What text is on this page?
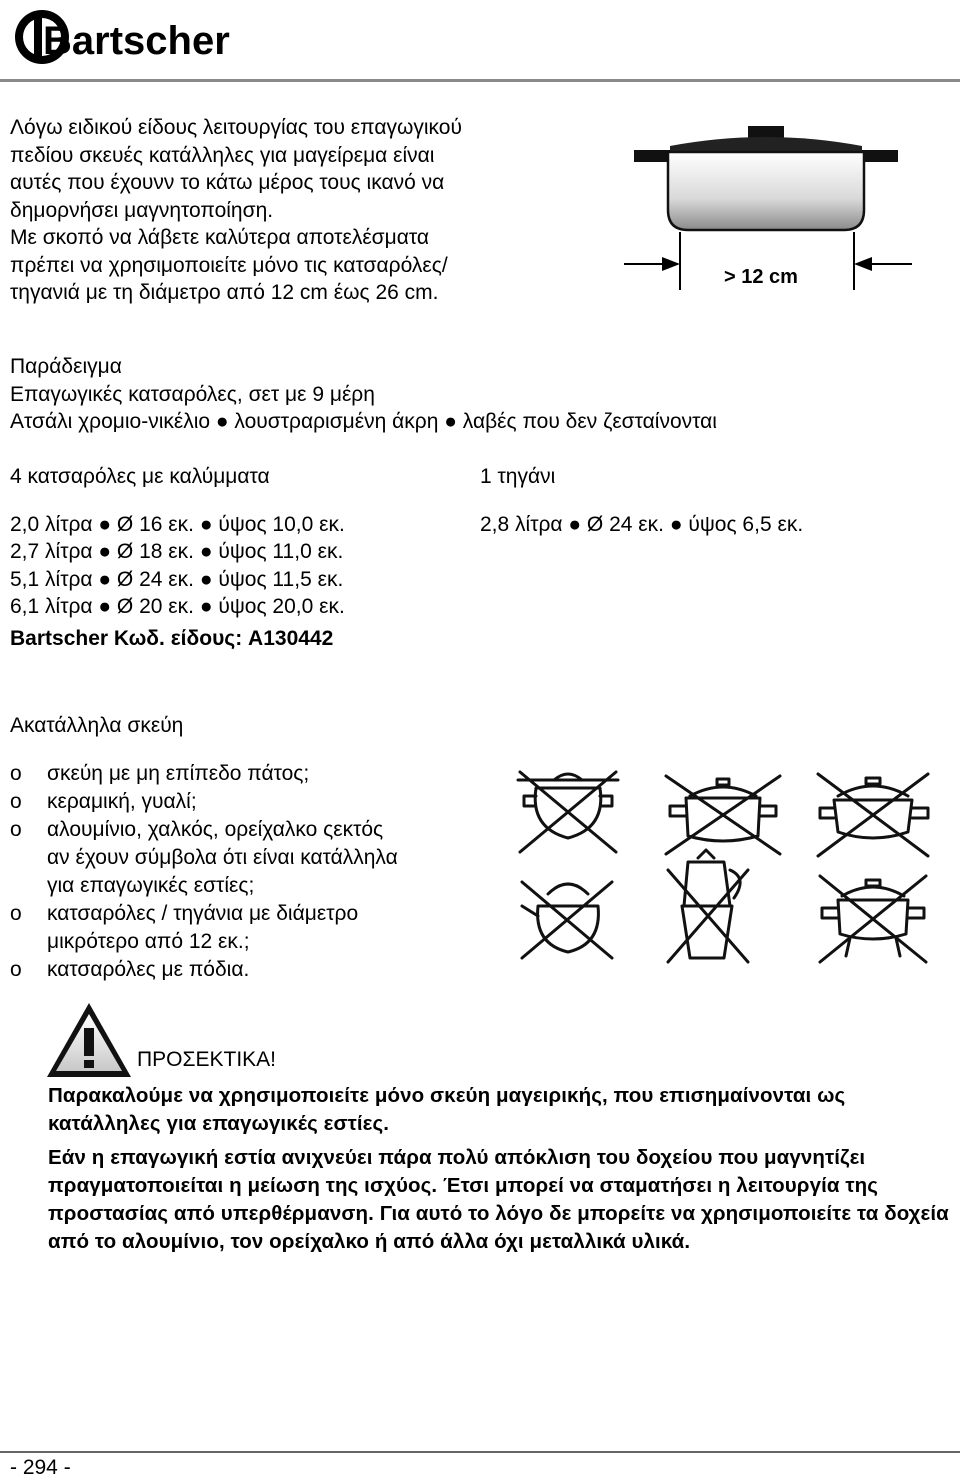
Bartscher

Λόγω ειδικού είδους λειτουργίας του επαγωγικού

πεδίου σκευές κατάλληλες για μαγείρεμα είναι

αυτές που έχουνν το κάτω μέρος τους ικανό να

δημορνήσει μαγνητοποίηση.

Με σκοπό να λάβετε καλύτερα αποτελέσματα

πρέπει να χρησιμοποιείτε μόνο τις κατσαρόλες/

τηγανιά με τη διάμετρο από 12 cm έως 26 cm.

> 12 cm

Παράδειγμα

Επαγωγικές κατσαρόλες, σετ με 9 μέρη

Ατσάλι χρομιο-νικέλιο ● λουστραρισμένη άκρη ● λαβές που δεν ζεσταίνονται

4 κατσαρόλες με καλύμματα

2,0 λίτρα ● Ø 16 εκ. ● ύψος 10,0 εκ.

2,7 λίτρα ● Ø 18 εκ. ● ύψος 11,0 εκ.

5,1 λίτρα ● Ø 24 εκ. ● ύψος 11,5 εκ.

6,1 λίτρα ● Ø 20 εκ. ● ύψος 20,0 εκ.

Bartscher Κωδ. είδους: A130442

1 τηγάνι

2,8 λίτρα ● Ø 24 εκ. ● ύψος 6,5 εκ.

Ακατάλληλα σκεύη

o	σκεύη με μη επίπεδο πάτος;
o	κεραμική, γυαλί;
o	αλουμίνιο, χαλκός, ορείχαλκο ςεκτός
αν έχουν σύμβολα ότι είναι κατάλληλα
για επαγωγικές εστίες;
o	κατσαρόλες / τηγάνια με διάμετρο
μικρότερο από 12 εκ.;
o	κατσαρόλες με πόδια.
ΠΡΟΣΕΚΤΙΚΑ!

Παρακαλούμε να χρησιμοποιείτε μόνο σκεύη μαγειρικής, που επισημαίνονται ως κατάλληλες για επαγωγικές εστίες.

Εάν η επαγωγική εστία ανιχνεύει πάρα πολύ απόκλιση του δοχείου που μαγνητίζει πραγματοποιείται η μείωση της ισχύος. Έτσι μπορεί να σταματήσει η λειτουργία της προστασίας από υπερθέρμανση. Για αυτό το λόγο δε μπορείτε να χρησιμοποιείτε τα δοχεία από το αλουμίνιο, τον ορείχαλκο ή από άλλα όχι μεταλλικά υλικά.

- 294 -
